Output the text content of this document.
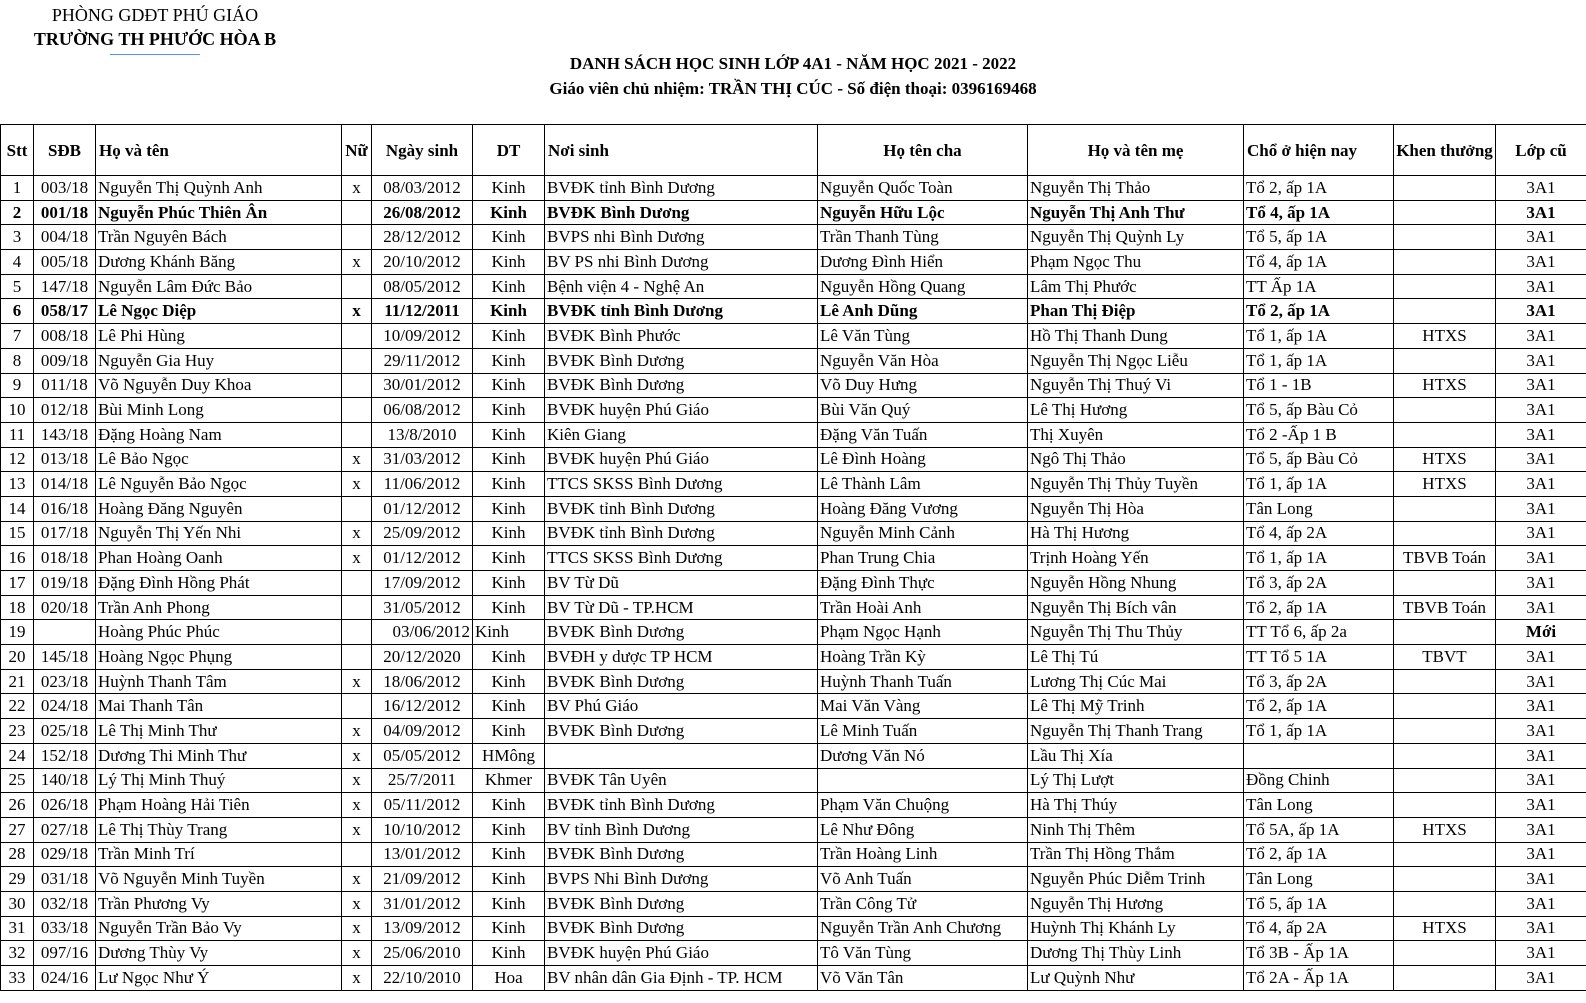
PHÒNG GDĐT PHÚ GIÁO
TRƯỜNG TH PHƯỚC HÒA B
DANH SÁCH HỌC SINH LỚP 4A1 - NĂM HỌC 2021 - 2022
Giáo viên chủ nhiệm: TRẦN THỊ CÚC - Số điện thoại: 0396169468
Stt	SĐB	Họ và tên	Nữ	Ngày sinh	DT	Nơi sinh	Họ tên cha	Họ và tên mẹ	Chổ ở hiện nay	Khen thưởng	Lớp cũ
1	003/18	Nguyễn Thị Quỳnh Anh	x	08/03/2012	Kinh	BVĐK tỉnh Bình Dương	Nguyễn Quốc Toàn	Nguyễn Thị Thảo	Tổ 2, ấp 1A		3A1
2	001/18	Nguyễn Phúc Thiên Ân		26/08/2012	Kinh	BVĐK Bình Dương	Nguyễn Hữu Lộc	Nguyễn Thị Anh Thư	Tổ 4, ấp 1A		3A1
3	004/18	Trần Nguyên Bách		28/12/2012	Kinh	BVPS nhi Bình Dương	Trần Thanh Tùng	Nguyễn Thị Quỳnh Ly	Tổ 5, ấp 1A		3A1
4	005/18	Dương Khánh Băng	x	20/10/2012	Kinh	BV PS nhi Bình Dương	Dương Đình Hiển	Phạm Ngọc Thu	Tổ 4, ấp 1A		3A1
5	147/18	Nguyễn Lâm Đức Bảo		08/05/2012	Kinh	Bệnh viện 4 - Nghệ An	Nguyễn Hồng Quang	Lâm Thị Phước	TT Ấp 1A		3A1
6	058/17	Lê Ngọc Diệp	x	11/12/2011	Kinh	BVĐK tỉnh Bình Dương	Lê Anh Dũng	Phan Thị Điệp	Tổ 2, ấp 1A		3A1
7	008/18	Lê Phi Hùng		10/09/2012	Kinh	BVĐK Bình Phước	Lê Văn Tùng	Hồ Thị Thanh Dung	Tổ 1, ấp 1A	HTXS	3A1
8	009/18	Nguyễn Gia Huy		29/11/2012	Kinh	BVĐK Bình Dương	Nguyễn Văn Hòa	Nguyễn Thị Ngọc Liễu	Tổ 1, ấp 1A		3A1
9	011/18	Võ Nguyễn Duy Khoa		30/01/2012	Kinh	BVĐK Bình Dương	Võ Duy Hưng	Nguyễn Thị Thuý Vi	Tổ 1 - 1B	HTXS	3A1
10	012/18	Bùi Minh Long		06/08/2012	Kinh	BVĐK huyện Phú Giáo	Bùi Văn Quý	Lê Thị Hương	Tổ 5, ấp Bàu Cỏ		3A1
11	143/18	Đặng Hoàng Nam		13/8/2010	Kinh	Kiên Giang	Đặng Văn Tuấn	Thị Xuyên	Tổ 2 -Ấp 1 B		3A1
12	013/18	Lê Bảo Ngọc	x	31/03/2012	Kinh	BVĐK huyện Phú Giáo	Lê Đình Hoàng	Ngô Thị Thảo	Tổ 5, ấp Bàu Cỏ	HTXS	3A1
13	014/18	Lê Nguyễn Bảo Ngọc	x	11/06/2012	Kinh	TTCS SKSS Bình Dương	Lê Thành Lâm	Nguyễn Thị Thủy Tuyền	Tổ 1, ấp 1A	HTXS	3A1
14	016/18	Hoàng Đăng Nguyên		01/12/2012	Kinh	BVĐK tỉnh Bình Dương	Hoàng Đăng Vương	Nguyễn Thị Hòa	Tân Long		3A1
15	017/18	Nguyễn Thị Yến Nhi	x	25/09/2012	Kinh	BVĐK tỉnh Bình Dương	Nguyễn Minh Cảnh	Hà Thị Hương	Tổ 4, ấp 2A		3A1
16	018/18	Phan Hoàng Oanh	x	01/12/2012	Kinh	TTCS SKSS Bình Dương	Phan Trung Chia	Trịnh Hoàng Yến	Tổ 1, ấp 1A	TBVB Toán	3A1
17	019/18	Đặng Đình Hồng Phát		17/09/2012	Kinh	BV Từ Dũ	Đặng Đình Thực	Nguyễn Hồng Nhung	Tổ 3, ấp 2A		3A1
18	020/18	Trần Anh Phong		31/05/2012	Kinh	BV Từ Dũ - TP.HCM	Trần Hoài Anh	Nguyễn Thị Bích vân	Tổ 2, ấp 1A	TBVB Toán	3A1
19		Hoàng Phúc Phúc		03/06/2012	Kinh	BVĐK Bình Dương	Phạm Ngọc Hạnh	Nguyễn Thị Thu Thủy	TT Tổ 6, ấp 2a		Mới
20	145/18	Hoàng Ngọc Phụng		20/12/2020	Kinh	BVĐH y dược TP HCM	Hoàng Trần Kỳ	Lê Thị Tú	TT Tổ 5 1A	TBVT	3A1
21	023/18	Huỳnh Thanh Tâm	x	18/06/2012	Kinh	BVĐK Bình Dương	Huỳnh Thanh Tuấn	Lương Thị Cúc Mai	Tổ 3, ấp 2A		3A1
22	024/18	Mai Thanh Tân		16/12/2012	Kinh	BV Phú Giáo	Mai Văn Vàng	Lê Thị Mỹ Trinh	Tổ 2, ấp 1A		3A1
23	025/18	Lê Thị Minh Thư	x	04/09/2012	Kinh	BVĐK Bình Dương	Lê Minh Tuấn	Nguyễn Thị Thanh Trang	Tổ 1, ấp 1A		3A1
24	152/18	Dương Thi Minh Thư	x	05/05/2012	HMông		Dương Văn Nó	Lầu Thị Xía			3A1
25	140/18	Lý Thị Minh Thuý	x	25/7/2011	Khmer	BVĐK Tân Uyên		Lý Thị Lượt	Đồng Chinh		3A1
26	026/18	Phạm Hoàng Hải Tiên	x	05/11/2012	Kinh	BVĐK tỉnh Bình Dương	Phạm Văn Chuộng	Hà Thị Thúy	Tân Long		3A1
27	027/18	Lê Thị Thùy Trang	x	10/10/2012	Kinh	BV tỉnh Bình Dương	Lê Như Đông	Ninh Thị Thêm	Tổ 5A, ấp 1A	HTXS	3A1
28	029/18	Trần Minh Trí		13/01/2012	Kinh	BVĐK Bình Dương	Trần Hoàng Linh	Trần Thị Hồng Thắm	Tổ 2, ấp 1A		3A1
29	031/18	Võ Nguyễn Minh Tuyền	x	21/09/2012	Kinh	BVPS Nhi Bình Dương	Võ Anh Tuấn	Nguyễn Phúc Diễm Trinh	Tân Long		3A1
30	032/18	Trần Phương Vy	x	31/01/2012	Kinh	BVĐK Bình Dương	Trần Công Tử	Nguyễn Thị Hương	Tổ 5, ấp 1A		3A1
31	033/18	Nguyễn Trần Bảo Vy	x	13/09/2012	Kinh	BVĐK Bình Dương	Nguyễn Trần Anh Chương	Huỳnh Thị Khánh Ly	Tổ 4, ấp 2A	HTXS	3A1
32	097/16	Dương Thùy Vy	x	25/06/2010	Kinh	BVĐK huyện Phú Giáo	Tô Văn Tùng	Dương Thị Thùy Linh	Tổ 3B - Ấp 1A		3A1
33	024/16	Lư Ngọc Như Ý	x	22/10/2010	Hoa	BV nhân dân Gia Định - TP. HCM	Võ Văn Tân	Lư Quỳnh Như	Tổ 2A - Ấp 1A		3A1
